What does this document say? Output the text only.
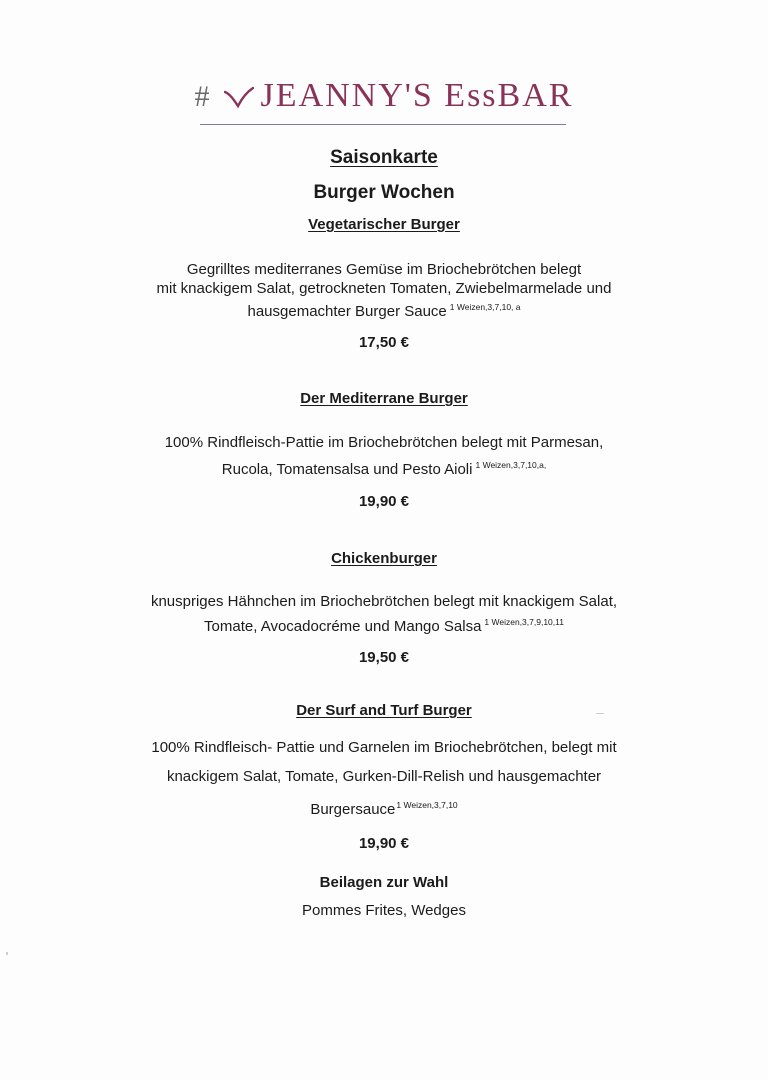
# JEANNY'S EssBAR
Saisonkarte
Burger Wochen
Vegetarischer Burger
Gegrilltes mediterranes Gemüse im Briochebrötchen belegt
mit knackigem Salat, getrockneten Tomaten, Zwiebelmarmelade und
hausgemachter Burger Sauce $^{1 Weizen,3,7,10, a}$
17,50 €
Der Mediterrane Burger
100% Rindfleisch-Pattie im Briochebrötchen belegt mit Parmesan,
Rucola, Tomatensalsa und Pesto Aioli $^{1 Weizen,3,7,10,a,}$
19,90 €
Chickenburger
knuspriges Hähnchen im Briochebrötchen belegt mit knackigem Salat,
Tomate, Avocadocréme und Mango Salsa $^{1 Weizen,3,7,9,10,11}$
19,50 €
Der Surf and Turf Burger
100% Rindfleisch- Pattie und Garnelen im Briochebrötchen, belegt mit
knackigem Salat, Tomate, Gurken-Dill-Relish und hausgemachter
Burgersauce$^{1 Weizen,3,7,10}$
19,90 €
Beilagen zur Wahl
Pommes Frites, Wedges
